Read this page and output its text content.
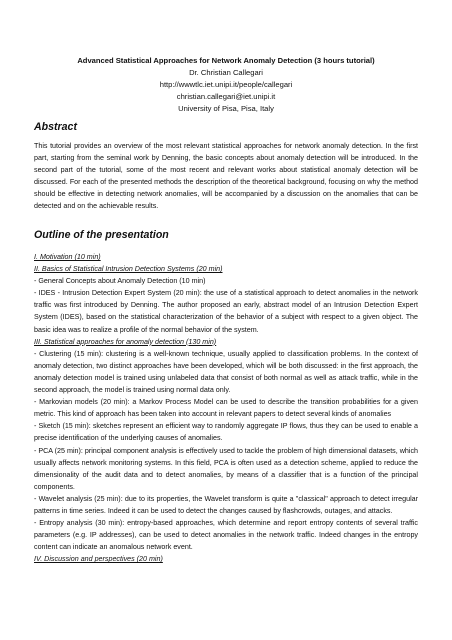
Advanced Statistical Approaches for Network Anomaly Detection (3 hours tutorial)
Dr. Christian Callegari
http://wwwtlc.iet.unipi.it/people/callegari
christian.callegari@iet.unipi.it
University of Pisa, Pisa, Italy
Abstract

This tutorial provides an overview of the most relevant statistical approaches for network anomaly detection. In the first part, starting from the seminal work by Denning, the basic concepts about anomaly detection will be introduced. In the second part of the tutorial, some of the most recent and relevant works about statistical anomaly detection will be discussed. For each of the presented methods the description of the theoretical background, focusing on why the method should be effective in detecting network anomalies, will be accompanied by a discussion on the anomalies that can be detected and on the achievable results.

Outline of the presentation

I. Motivation (10 min)

II. Basics of Statistical Intrusion Detection Systems (20 min)

- General Concepts about Anomaly Detection (10 min)

- IDES - Intrusion Detection Expert System (20 min): the use of a statistical approach to detect anomalies in the network traffic was first introduced by Denning. The author proposed an early, abstract model of an Intrusion Detection Expert System (IDES), based on the statistical characterization of the behavior of a subject with respect to a given object. The basic idea was to realize a profile of the normal behavior of the system.

III. Statistical approaches for anomaly detection (130 min)

- Clustering (15 min): clustering is a well-known technique, usually applied to classification problems. In the context of anomaly detection, two distinct approaches have been developed, which will be both discussed: in the first approach, the anomaly detection model is trained using unlabeled data that consist of both normal as well as attack traffic, while in the second approach, the model is trained using normal data only.

- Markovian models (20 min): a Markov Process Model can be used to describe the transition probabilities for a given metric. This kind of approach has been taken into account in relevant papers to detect several kinds of anomalies

- Sketch (15 min): sketches represent an efficient way to randomly aggregate IP flows, thus they can be used to enable a precise identification of the underlying causes of anomalies.

- PCA (25 min): principal component analysis is effectively used to tackle the problem of high dimensional datasets, which usually affects network monitoring systems. In this field, PCA is often used as a detection scheme, applied to reduce the dimensionality of the audit data and to detect anomalies, by means of a classifier that is a function of the principal components.

- Wavelet analysis (25 min): due to its properties, the Wavelet transform is quite a "classical" approach to detect irregular patterns in time series. Indeed it can be used to detect the changes caused by flashcrowds, outages, and attacks.

- Entropy analysis (30 min): entropy-based approaches, which determine and report entropy contents of several traffic parameters (e.g. IP addresses), can be used to detect anomalies in the network traffic. Indeed changes in the entropy content can indicate an anomalous network event.

IV. Discussion and perspectives (20 min)
